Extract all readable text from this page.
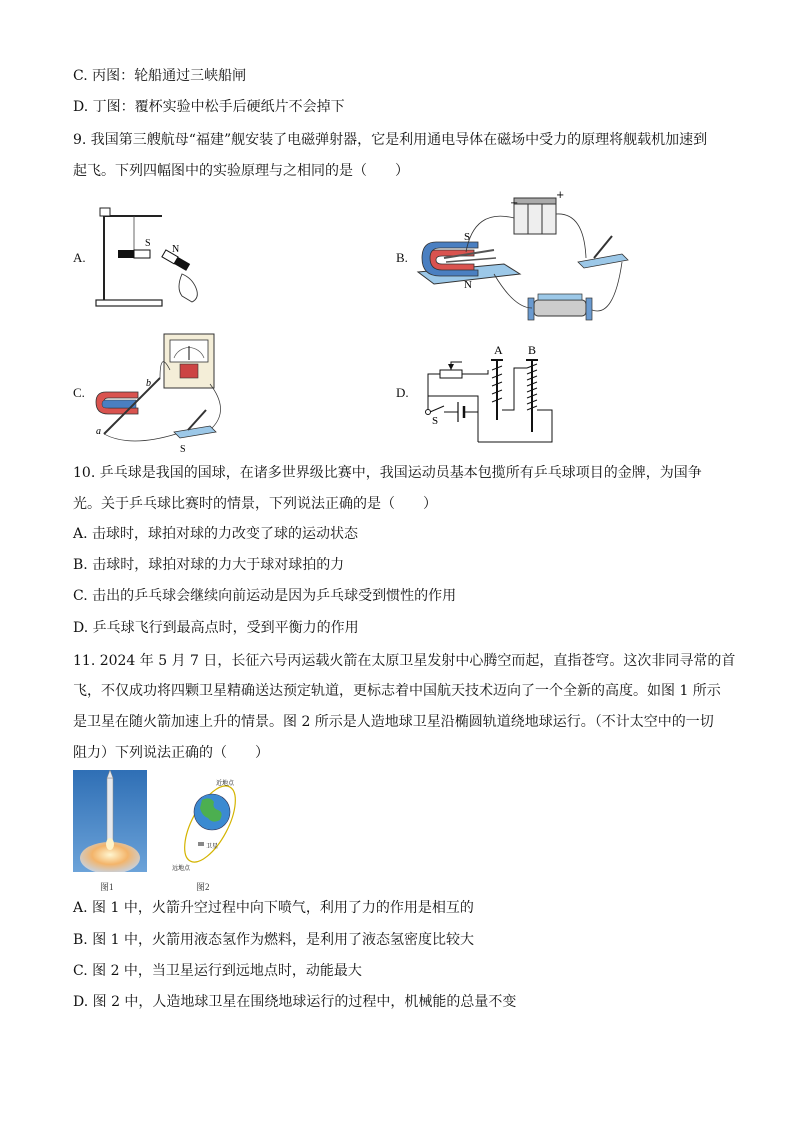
C. 丙图：轮船通过三峡船闸
D. 丁图：覆杯实验中松手后硬纸片不会掉下
9. 我国第三艘航母“福建”舰安装了电磁弹射器，它是利用通电导体在磁场中受力的原理将舰载机加速到
起飞。下列四幅图中的实验原理与之相同的是（　　）
A.	B.
C.	D.
S
N
S
N
−
+
b
a
S
A B
S
10. 乒乓球是我国的国球，在诸多世界级比赛中，我国运动员基本包揽所有乒乓球项目的金牌，为国争
光。关于乒乓球比赛时的情景，下列说法正确的是（　　）
A. 击球时，球拍对球的力改变了球的运动状态
B. 击球时，球拍对球的力大于球对球拍的力
C. 击出的乒乓球会继续向前运动是因为乒乓球受到惯性的作用
D. 乒乓球飞行到最高点时，受到平衡力的作用
11. 2024 年 5 月 7 日，长征六号丙运载火箭在太原卫星发射中心腾空而起，直指苍穹。这次非同寻常的首
飞，不仅成功将四颗卫星精确送达预定轨道，更标志着中国航天技术迈向了一个全新的高度。如图 1 所示
是卫星在随火箭加速上升的情景。图 2 所示是人造地球卫星沿椭圆轨道绕地球运行。（不计太空中的一切
阻力）下列说法正确的（　　）
图1
近地点
远地点
卫星
图2
A. 图 1 中，火箭升空过程中向下喷气，利用了力的作用是相互的
B. 图 1 中，火箭用液态氢作为燃料，是利用了液态氢密度比较大
C. 图 2 中，当卫星运行到远地点时，动能最大
D. 图 2 中，人造地球卫星在围绕地球运行的过程中，机械能的总量不变
